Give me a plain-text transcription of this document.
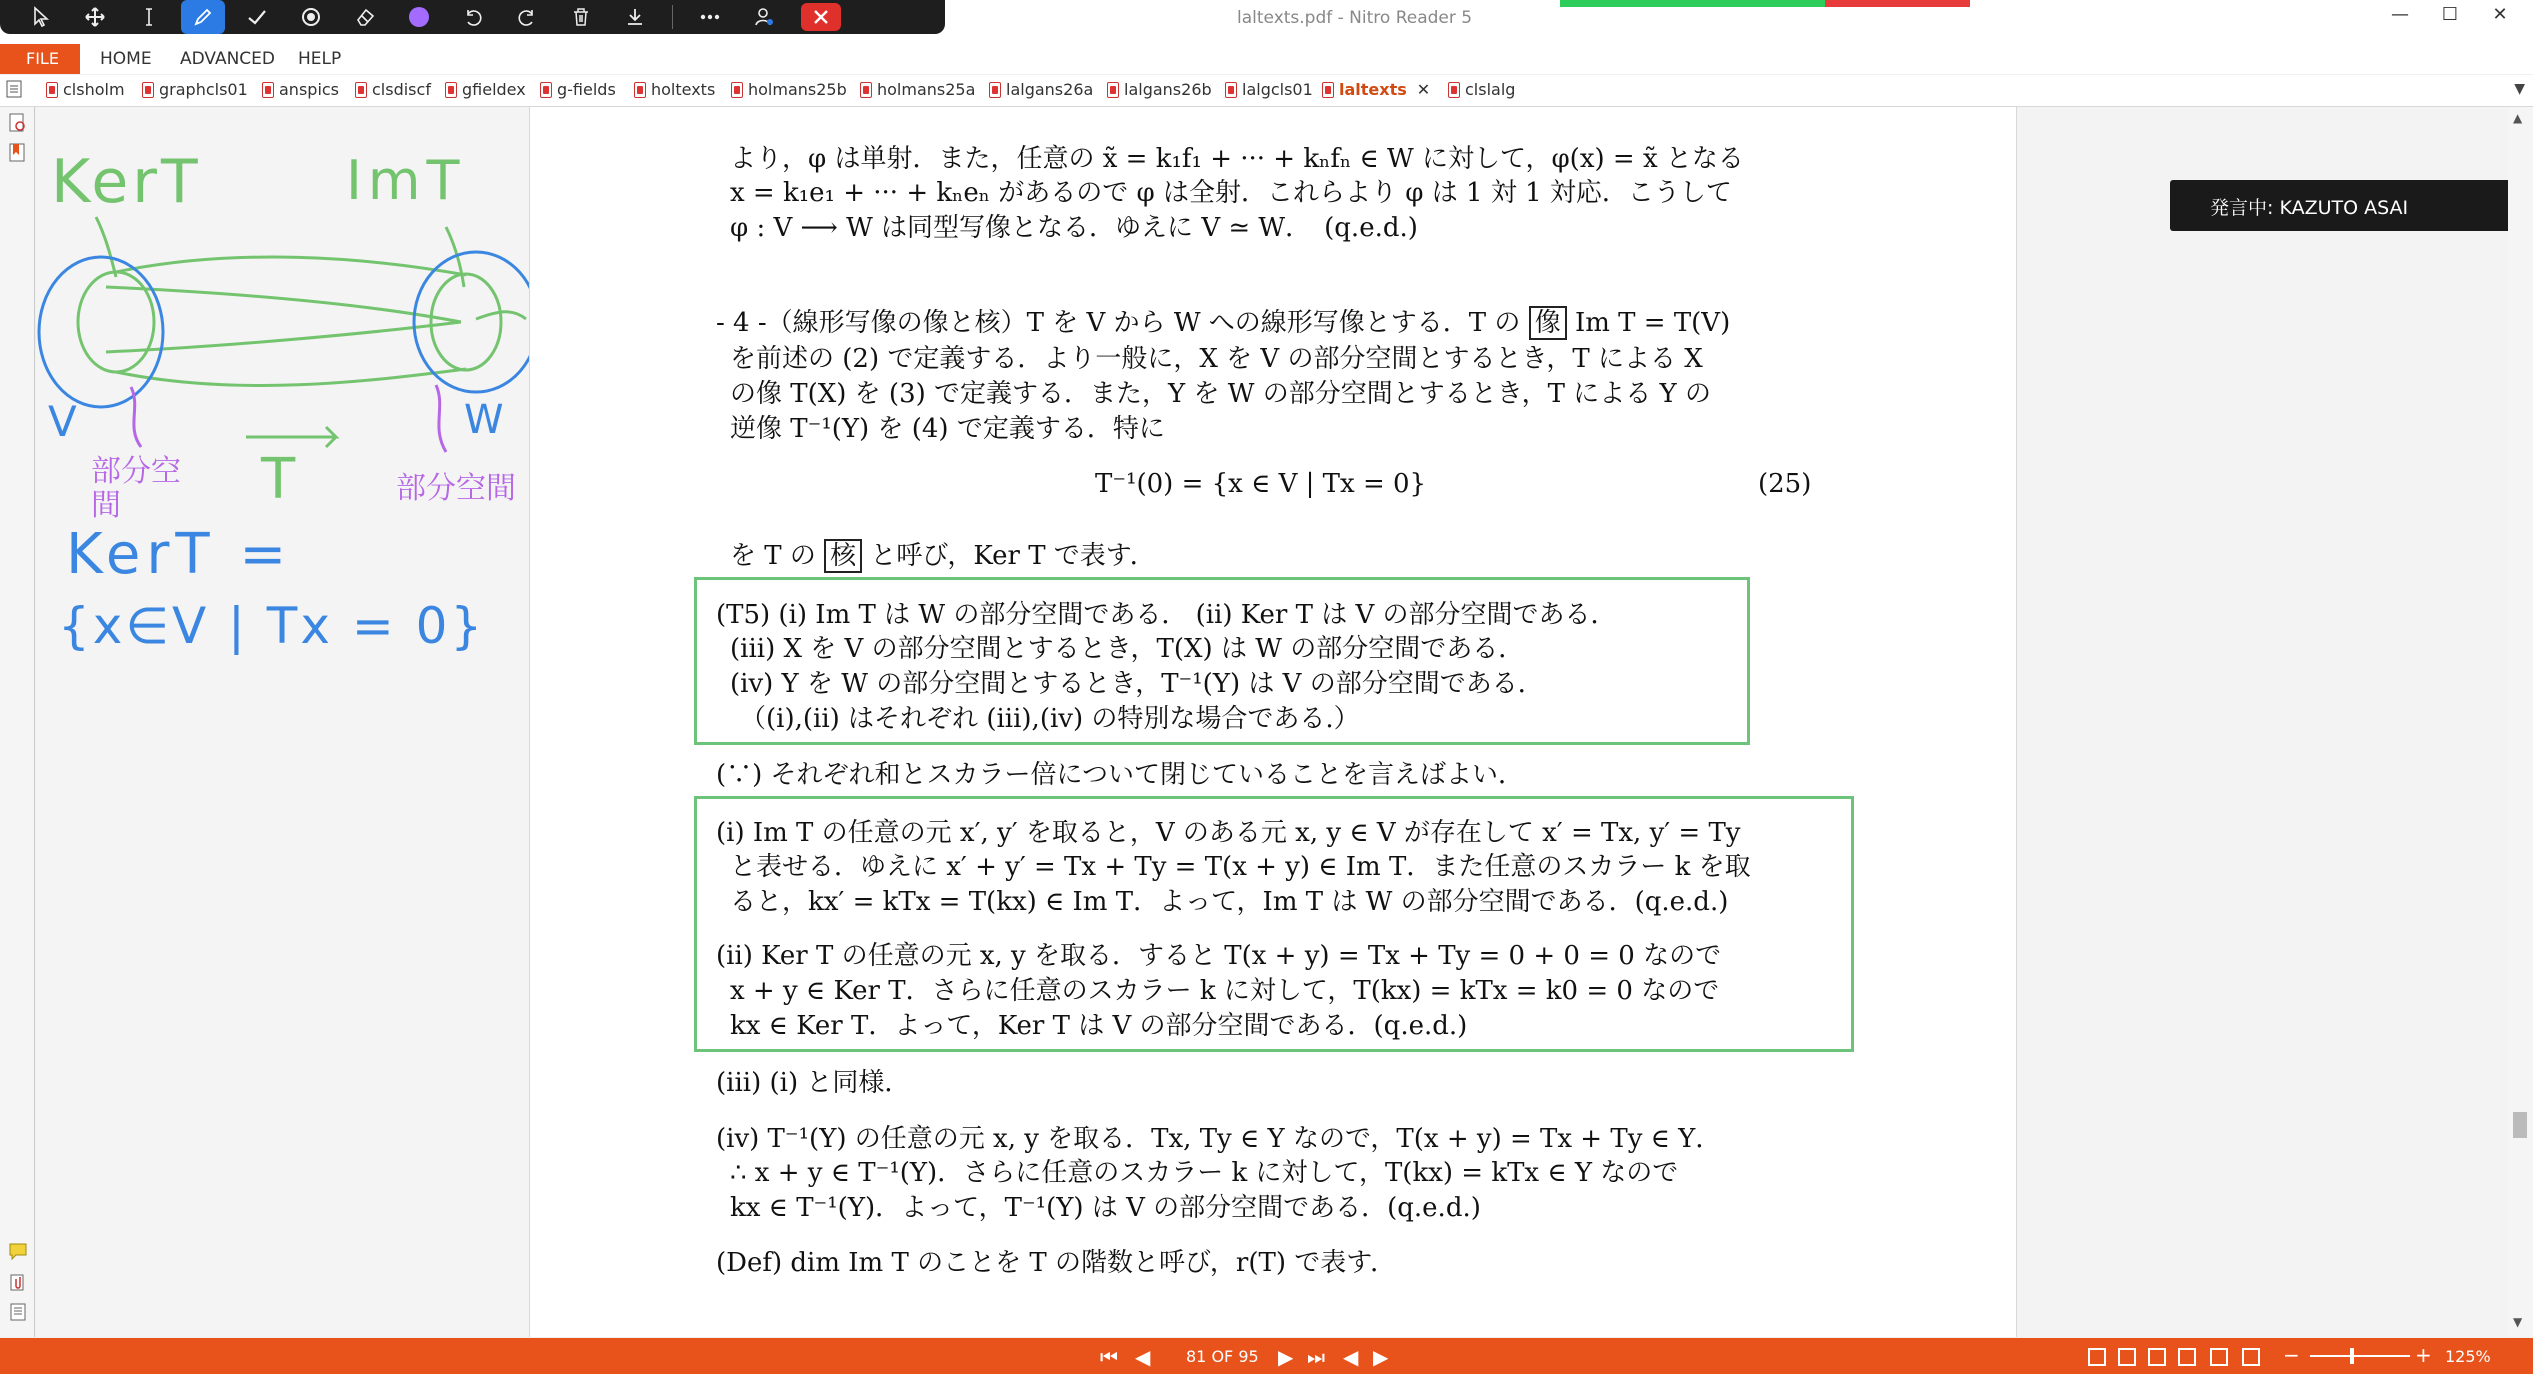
laltexts.pdf - Nitro Reader 5	—	☐	✕
HOME ADVANCED HELP
FILE
clsholm graphcls01 anspics clsdiscf gfieldex g-fields holtexts holmans25b holmans25a lalgans26a lalgans26b lalgcls01 laltexts ✕ clslalg	▼
KerT	ImT
V	W
T
部分空間	部分空間
KerT =
{x∈V | Tx = 0}
より，φ は単射．また，任意の x̃ = k₁f₁ + ··· + kₙfₙ ∈ W に対して，φ(x) = x̃ となる
x = k₁e₁ + ··· + kₙeₙ があるので φ は全射．これらより φ は 1 対 1 対応．こうして
φ : V ⟶ W は同型写像となる．ゆえに V ≃ W．　(q.e.d.)
- 4 -（線形写像の像と核）T を V から W への線形写像とする．T の 像 Im T = T(V)
を前述の (2) で定義する．より一般に，X を V の部分空間とするとき，T による X
の像 T(X) を (3) で定義する．また，Y を W の部分空間とするとき，T による Y の
逆像 T⁻¹(Y) を (4) で定義する．特に
T⁻¹(0) = {x ∈ V | Tx = 0}	(25)
を T の 核 と呼び，Ker T で表す．
(T5) (i) Im T は W の部分空間である． (ii) Ker T は V の部分空間である．
(iii) X を V の部分空間とするとき，T(X) は W の部分空間である．
(iv) Y を W の部分空間とするとき，T⁻¹(Y) は V の部分空間である．
（(i),(ii) はそれぞれ (iii),(iv) の特別な場合である.）
(∵) それぞれ和とスカラー倍について閉じていることを言えばよい．
(i) Im T の任意の元 x′, y′ を取ると，V のある元 x, y ∈ V が存在して x′ = Tx, y′ = Ty
と表せる．ゆえに x′ + y′ = Tx + Ty = T(x + y) ∈ Im T．また任意のスカラー k を取
ると，kx′ = kTx = T(kx) ∈ Im T．よって，Im T は W の部分空間である．(q.e.d.)
(ii) Ker T の任意の元 x, y を取る．すると T(x + y) = Tx + Ty = 0 + 0 = 0 なので
x + y ∈ Ker T．さらに任意のスカラー k に対して，T(kx) = kTx = k0 = 0 なので
kx ∈ Ker T．よって，Ker T は V の部分空間である．(q.e.d.)
(iii) (i) と同様．
(iv) T⁻¹(Y) の任意の元 x, y を取る．Tx, Ty ∈ Y なので，T(x + y) = Tx + Ty ∈ Y．
∴ x + y ∈ T⁻¹(Y)．さらに任意のスカラー k に対して，T(kx) = kTx ∈ Y なので
kx ∈ T⁻¹(Y)．よって，T⁻¹(Y) は V の部分空間である．(q.e.d.)
(Def) dim Im T のことを T の階数と呼び，r(T) で表す．
発言中: KAZUTO ASAI
▲
▼
⏮ ◀ 81 OF 95 ▶ ⏭ ◀ ▶	−	+ 125%
